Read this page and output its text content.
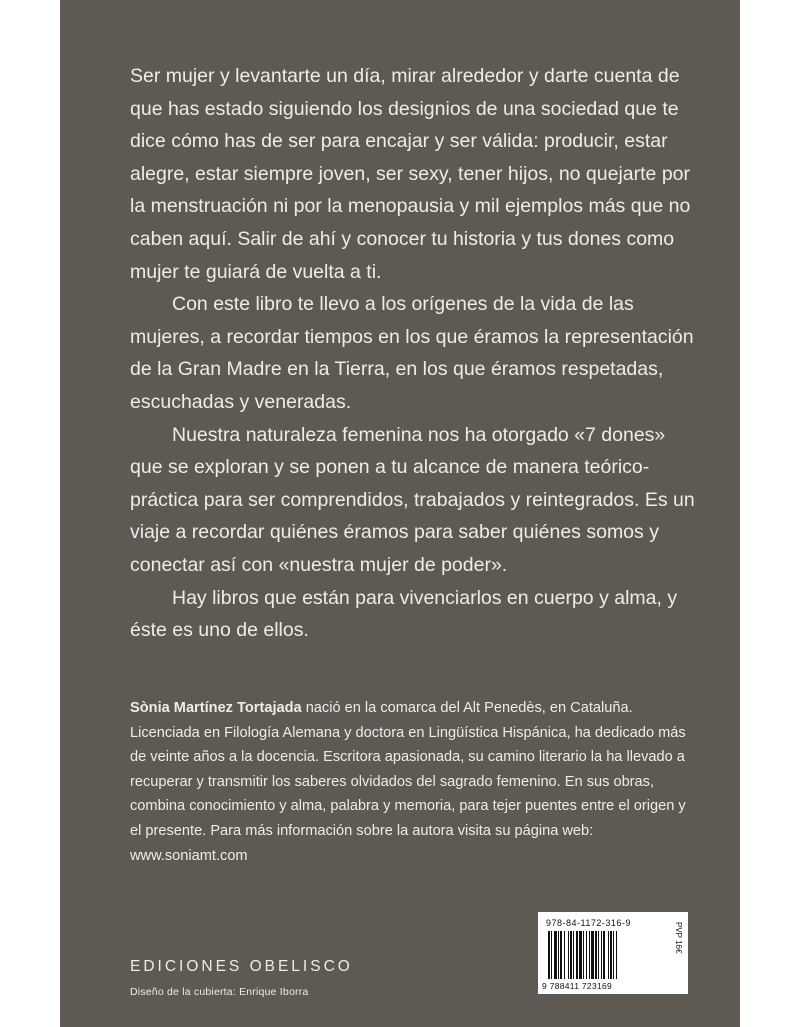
Ser mujer y levantarte un día, mirar alrededor y darte cuenta de que has estado siguiendo los designios de una sociedad que te dice cómo has de ser para encajar y ser válida: producir, estar alegre, estar siempre joven, ser sexy, tener hijos, no quejarte por la menstruación ni por la menopausia y mil ejemplos más que no caben aquí. Salir de ahí y conocer tu historia y tus dones como mujer te guiará de vuelta a ti.

Con este libro te llevo a los orígenes de la vida de las mujeres, a recordar tiempos en los que éramos la representación de la Gran Madre en la Tierra, en los que éramos respetadas, escuchadas y veneradas.

Nuestra naturaleza femenina nos ha otorgado «7 dones» que se exploran y se ponen a tu alcance de manera teórico-práctica para ser comprendidos, trabajados y reintegrados. Es un viaje a recordar quiénes éramos para saber quiénes somos y conectar así con «nuestra mujer de poder».

Hay libros que están para vivenciarlos en cuerpo y alma, y éste es uno de ellos.

Sònia Martínez Tortajada nació en la comarca del Alt Penedès, en Cataluña. Licenciada en Filología Alemana y doctora en Lingüística Hispánica, ha dedicado más de veinte años a la docencia. Escritora apasionada, su camino literario la ha llevado a recuperar y transmitir los saberes olvidados del sagrado femenino. En sus obras, combina conocimiento y alma, palabra y memoria, para tejer puentes entre el origen y el presente. Para más información sobre la autora visita su página web: www.soniamt.com

EDICIONES OBELISCO
Diseño de la cubierta: Enrique Iborra
978-84-1172-316-9
9 788411 723169
PVP 16€
